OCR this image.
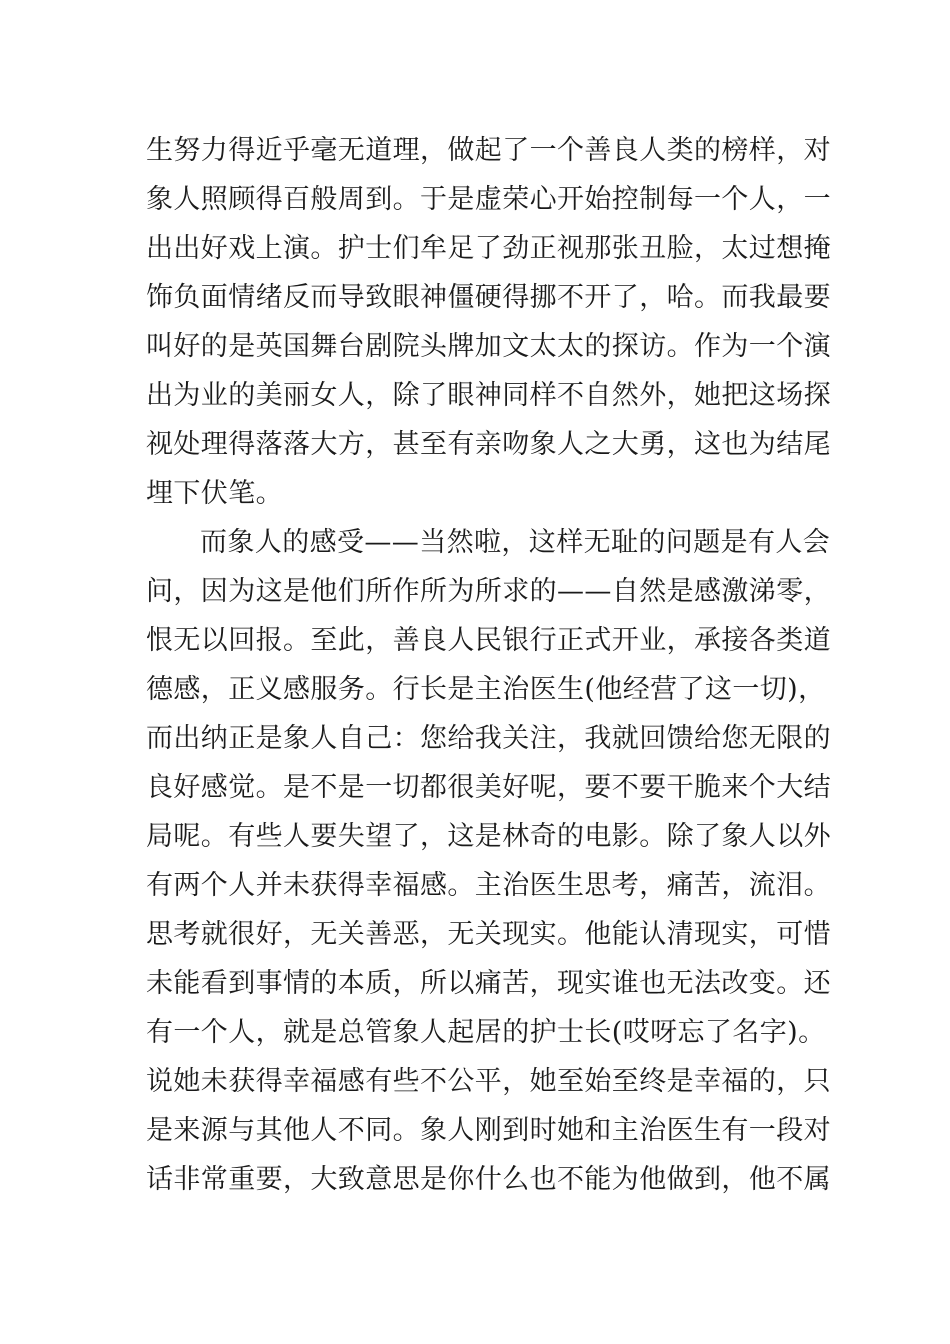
生努力得近乎毫无道理，做起了一个善良人类的榜样，对
象人照顾得百般周到。于是虚荣心开始控制每一个人，一
出出好戏上演。护士们牟足了劲正视那张丑脸，太过想掩
饰负面情绪反而导致眼神僵硬得挪不开了，哈。而我最要
叫好的是英国舞台剧院头牌加文太太的探访。作为一个演
出为业的美丽女人，除了眼神同样不自然外，她把这场探
视处理得落落大方，甚至有亲吻象人之大勇，这也为结尾
埋下伏笔。
而象人的感受——当然啦，这样无耻的问题是有人会
问，因为这是他们所作所为所求的——自然是感激涕零，
恨无以回报。至此，善良人民银行正式开业，承接各类道
德感，正义感服务。行长是主治医生(他经营了这一切)，
而出纳正是象人自己：您给我关注，我就回馈给您无限的
良好感觉。是不是一切都很美好呢，要不要干脆来个大结
局呢。有些人要失望了，这是林奇的电影。除了象人以外
有两个人并未获得幸福感。主治医生思考，痛苦，流泪。
思考就很好，无关善恶，无关现实。他能认清现实，可惜
未能看到事情的本质，所以痛苦，现实谁也无法改变。还
有一个人，就是总管象人起居的护士长(哎呀忘了名字)。
说她未获得幸福感有些不公平，她至始至终是幸福的，只
是来源与其他人不同。象人刚到时她和主治医生有一段对
话非常重要，大致意思是你什么也不能为他做到，他不属
